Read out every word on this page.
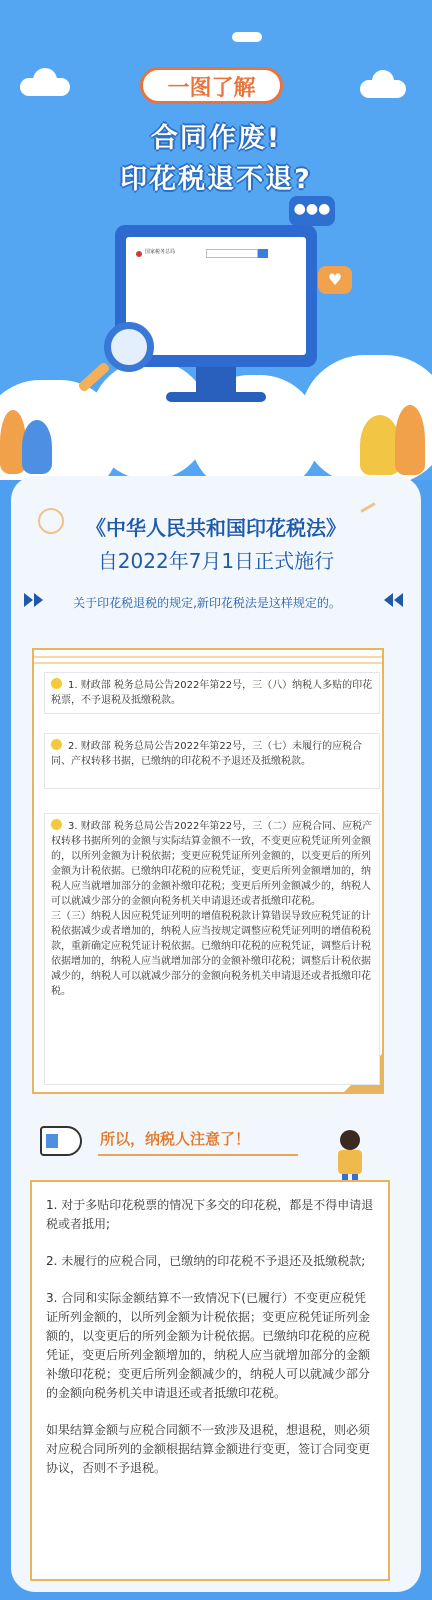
一图了解
合同作废!
印花税退不退?
●●●
♥
国家税务总局
《中华人民共和国印花税法》
自2022年7月1日正式施行
关于印花税退税的规定,新印花税法是这样规定的。
1. 财政部 税务总局公告2022年第22号，三（八）纳税人多贴的印花税票，不予退税及抵缴税款。
2. 财政部 税务总局公告2022年第22号，三（七）未履行的应税合同、产权转移书据，已缴纳的印花税不予退还及抵缴税款。
3. 财政部 税务总局公告2022年第22号，三（二）应税合同、应税产权转移书据所列的金额与实际结算金额不一致，不变更应税凭证所列金额的，以所列金额为计税依据；变更应税凭证所列金额的，以变更后的所列金额为计税依据。已缴纳印花税的应税凭证，变更后所列金额增加的，纳税人应当就增加部分的金额补缴印花税；变更后所列金额减少的，纳税人可以就减少部分的金额向税务机关申请退还或者抵缴印花税。
三（三）纳税人因应税凭证列明的增值税税款计算错误导致应税凭证的计税依据减少或者增加的，纳税人应当按规定调整应税凭证列明的增值税税款，重新确定应税凭证计税依据。已缴纳印花税的应税凭证，调整后计税依据增加的，纳税人应当就增加部分的金额补缴印花税；调整后计税依据减少的，纳税人可以就减少部分的金额向税务机关申请退还或者抵缴印花税。
所以，纳税人注意了！

1. 对于多贴印花税票的情况下多交的印花税，都是不得申请退税或者抵用;

2. 未履行的应税合同，已缴纳的印花税不予退还及抵缴税款;

3. 合同和实际金额结算不一致情况下(已履行）不变更应税凭证所列金额的，以所列金额为计税依据；变更应税凭证所列金额的，以变更后的所列金额为计税依据。已缴纳印花税的应税凭证，变更后所列金额增加的，纳税人应当就增加部分的金额补缴印花税；变更后所列金额减少的，纳税人可以就减少部分的金额向税务机关申请退还或者抵缴印花税。

如果结算金额与应税合同额不一致涉及退税，想退税，则必须对应税合同所列的金额根据结算金额进行变更，签订合同变更协议，否则不予退税。
